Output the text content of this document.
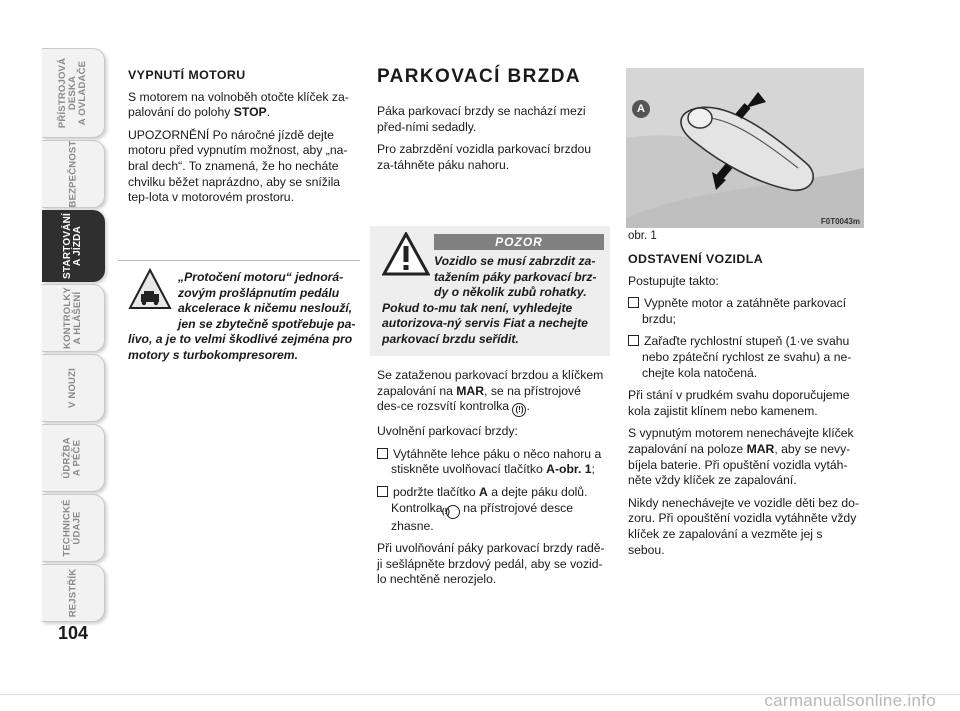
PŘÍSTROJOVÁ
DESKA
A OVLADAČE
BEZPEČNOST
STARTOVÁNÍ
A JÍZDA
KONTROLKY
A HLÁŠENÍ
V NOUZI
ÚDRŽBA
A PÉČE
TECHNICKÉ
ÚDAJE
REJSTŘÍK
104

VYPNUTÍ MOTORU

S motorem na volnoběh otočte klíček za-palování do polohy STOP.

UPOZORNĚNÍ Po náročné jízdě dejte motoru před vypnutím možnost, aby „na-bral dech“. To znamená, že ho necháte chvilku běžet naprázdno, aby se snížila tep-lota v motorovém prostoru.

„Protočení motoru“ jednorá-zovým prošlápnutím pedálu akcelerace k ničemu neslouží, jen se zbytečně spotřebuje pa-livo, a je to velmi škodlivé zejména pro motory s turbokompresorem.
PARKOVACÍ BRZDA

Páka parkovací brzdy se nachází mezi před-ními sedadly.

Pro zabrzdění vozidla parkovací brzdou za-táhněte páku nahoru.

POZOR
Vozidlo se musí zabrzdit za-tažením páky parkovací brz-dy o několik zubů rohatky. Pokud to-mu tak není, vyhledejte autorizova-ný servis Fiat a nechejte parkovací brzdu seřídit.

Se zataženou parkovací brzdou a klíčkem zapalování na MAR, se na přístrojové des-ce rozsvítí kontrolka (!) .

Uvolnění parkovací brzdy:

Vytáhněte lehce páku o něco nahoru a stiskněte uvolňovací tlačítko A-obr. 1;

podržte tlačítko A a dejte páku dolů. Kontrolka (!) na přístrojové desce zhasne.

Při uvolňování páky parkovací brzdy radě-ji sešlápněte brzdový pedál, aby se vozid-lo nechtěně nerozjelo.

A
F0T0043m
obr. 1

ODSTAVENÍ VOZIDLA

Postupujte takto:

Vypněte motor a zatáhněte parkovací brzdu;

Zařaďte rychlostní stupeň (1·ve svahu nebo zpáteční rychlost ze svahu) a ne-chejte kola natočená.

Při stání v prudkém svahu doporučujeme kola zajistit klínem nebo kamenem.

S vypnutým motorem nenechávejte klíček zapalování na poloze MAR, aby se nevy-bíjela baterie. Při opuštění vozidla vytáh-něte vždy klíček ze zapalování.

Nikdy nenechávejte ve vozidle děti bez do-zoru. Při opouštění vozidla vytáhněte vždy klíček ze zapalování a vezměte jej s sebou.

carmanualsonline.info
